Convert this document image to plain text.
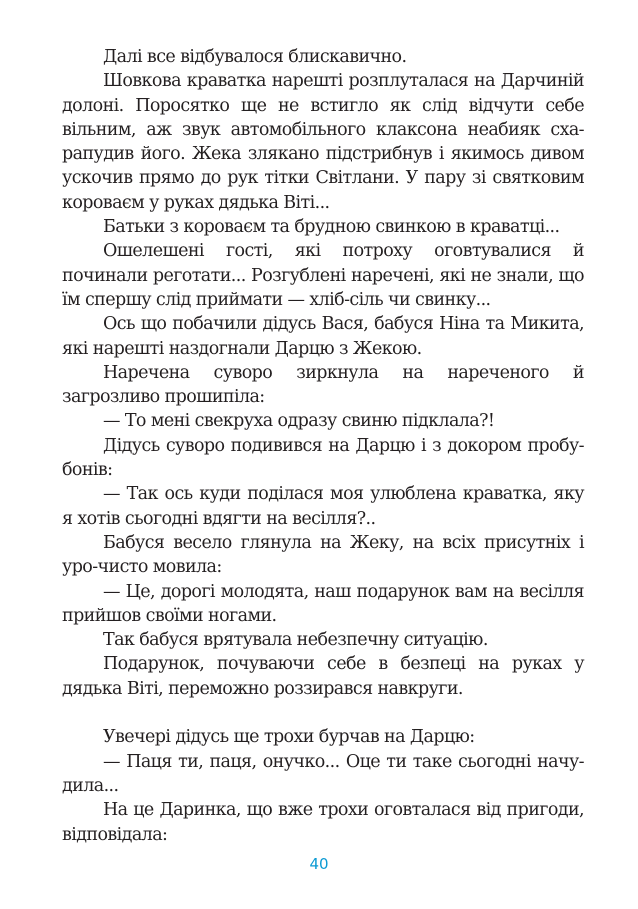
Далі все відбувалося блискавично.

Шовкова краватка нарешті розплуталася на Дарчиній долоні. Поросятко ще не встигло як слід відчути себе вільним, аж звук автомобільного клаксона неабияк сха-рапудив його. Жека злякано підстрибнув і якимось дивом ускочив прямо до рук тітки Світлани. У пару зі святковим короваєм у руках дядька Віті...

Батьки з короваєм та брудною свинкою в краватці...

Ошелешені гості, які потроху оговтувалися й починали реготати... Розгублені наречені, які не знали, що їм спершу слід приймати — хліб-сіль чи свинку...

Ось що побачили дідусь Вася, бабуся Ніна та Микита, які нарешті наздогнали Дарцю з Жекою.

Наречена суворо зиркнула на нареченого й загрозливо прошипіла:

— То мені свекруха одразу свиню підклала?!

Дідусь суворо подивився на Дарцю і з докором пробу-бонів:

— Так ось куди поділася моя улюблена краватка, яку я хотів сьогодні вдягти на весілля?..

Бабуся весело глянула на Жеку, на всіх присутніх і уро-чисто мовила:

— Це, дорогі молодята, наш подарунок вам на весілля прийшов своїми ногами.

Так бабуся врятувала небезпечну ситуацію.

Подарунок, почуваючи себе в безпеці на руках у дядька Віті, переможно роззирався навкруги.

Увечері дідусь ще трохи бурчав на Дарцю:

— Паця ти, паця, онучко... Оце ти таке сьогодні начу-дила...

На це Даринка, що вже трохи оговталася від пригоди, відповідала:

40
